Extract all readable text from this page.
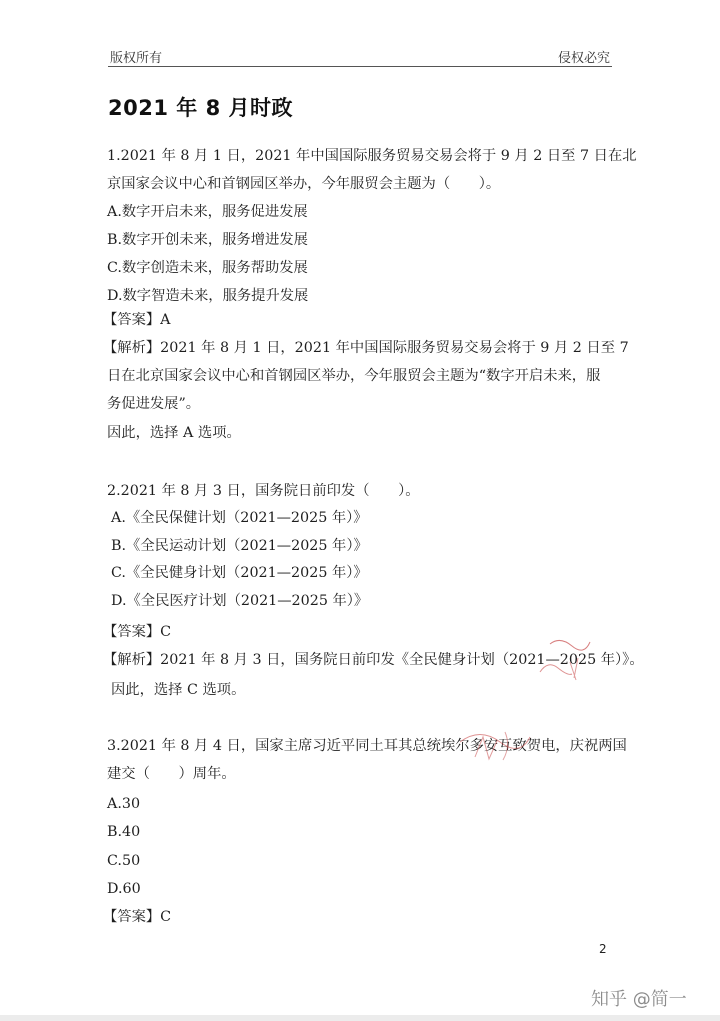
版权所有	侵权必究
2021 年 8 月时政
1.2021 年 8 月 1 日，2021 年中国国际服务贸易交易会将于 9 月 2 日至 7 日在北
京国家会议中心和首钢园区举办，今年服贸会主题为（　　）。
A.数字开启未来，服务促进发展
B.数字开创未来，服务增进发展
C.数字创造未来，服务帮助发展
D.数字智造未来，服务提升发展
【答案】A
【解析】2021 年 8 月 1 日，2021 年中国国际服务贸易交易会将于 9 月 2 日至 7
日在北京国家会议中心和首钢园区举办，今年服贸会主题为“数字开启未来，服
务促进发展”。
因此，选择 A 选项。
2.2021 年 8 月 3 日，国务院日前印发（　　）。
A.《全民保健计划（2021—2025 年）》
B.《全民运动计划（2021—2025 年）》
C.《全民健身计划（2021—2025 年）》
D.《全民医疗计划（2021—2025 年）》
【答案】C
【解析】2021 年 8 月 3 日，国务院日前印发《全民健身计划（2021—2025 年）》。
因此，选择 C 选项。
3.2021 年 8 月 4 日，国家主席习近平同土耳其总统埃尔多安互致贺电，庆祝两国
建交（　　）周年。
A.30
B.40
C.50
D.60
【答案】C
2
知乎 @简一
